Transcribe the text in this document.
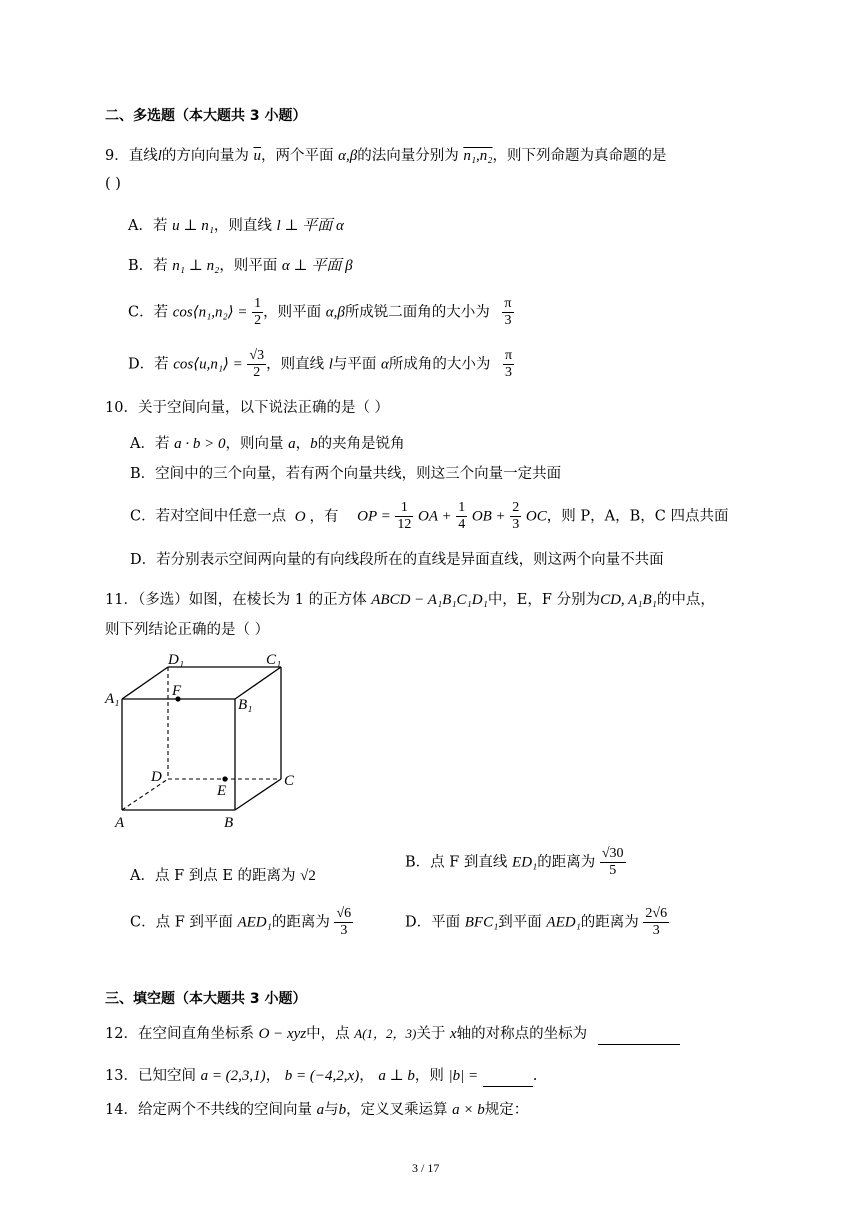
二、多选题（本大题共 3 小题）
9．直线l的方向向量为 $\overline{u}$，两个平面 α,β的法向量分别为 n₁,n₂，则下列命题为真命题的是
( )
A．若 u ⊥ n₁，则直线 l ⊥ 平面 α
B．若 n₁ ⊥ n₂，则平面 α ⊥ 平面 β
C．若 cos⟨n₁,n₂⟩ = $\frac{1}{2}$ ，则平面 α,β所成锐二面角的大小为 $\frac{\pi}{3}$
D．若 cos⟨u,n₁⟩ = $\frac{√3}{2}$ ，则直线 l与平面 α所成角的大小为 $\frac{\pi}{3}$
10．关于空间向量，以下说法正确的是（ ）
A．若 a · b > 0，则向量 a，b的夹角是锐角
B．空间中的三个向量，若有两个向量共线，则这三个向量一定共面
C．若对空间中任意一点 O ，有 OP = $\frac{1}{12}$ OA + $\frac{1}{4}$ OB + $\frac{2}{3}$ OC，则 P，A，B，C 四点共面
D．若分别表示空间两向量的有向线段所在的直线是异面直线，则这两个向量不共面
11．（多选）如图，在棱长为 1 的正方体 ABCD − A₁B₁C₁D₁中，E，F 分别为CD, A₁B₁的中点，
则下列结论正确的是（ ）
D₁	C₁
A₁	F
B₁
D
E
C
A	B
A．点 F 到点 E 的距离为 √2
B．点 F 到直线 ED₁的距离为 $\frac{√30}{5}$
C．点 F 到平面 AED₁的距离为 $\frac{√6}{3}$	D．平面 BFC₁到平面 AED₁的距离为 $\frac{2√6}{3}$
三、填空题（本大题共 3 小题）
12．在空间直角坐标系 O − xyz中，点 A(1，2，3)关于 x轴的对称点的坐标为
13．已知空间 a = (2,3,1)， b = (−4,2,x)， a ⊥ b，则 |b| =	.
14．给定两个不共线的空间向量 a与b，定义叉乘运算 a × b规定：
3 / 17
